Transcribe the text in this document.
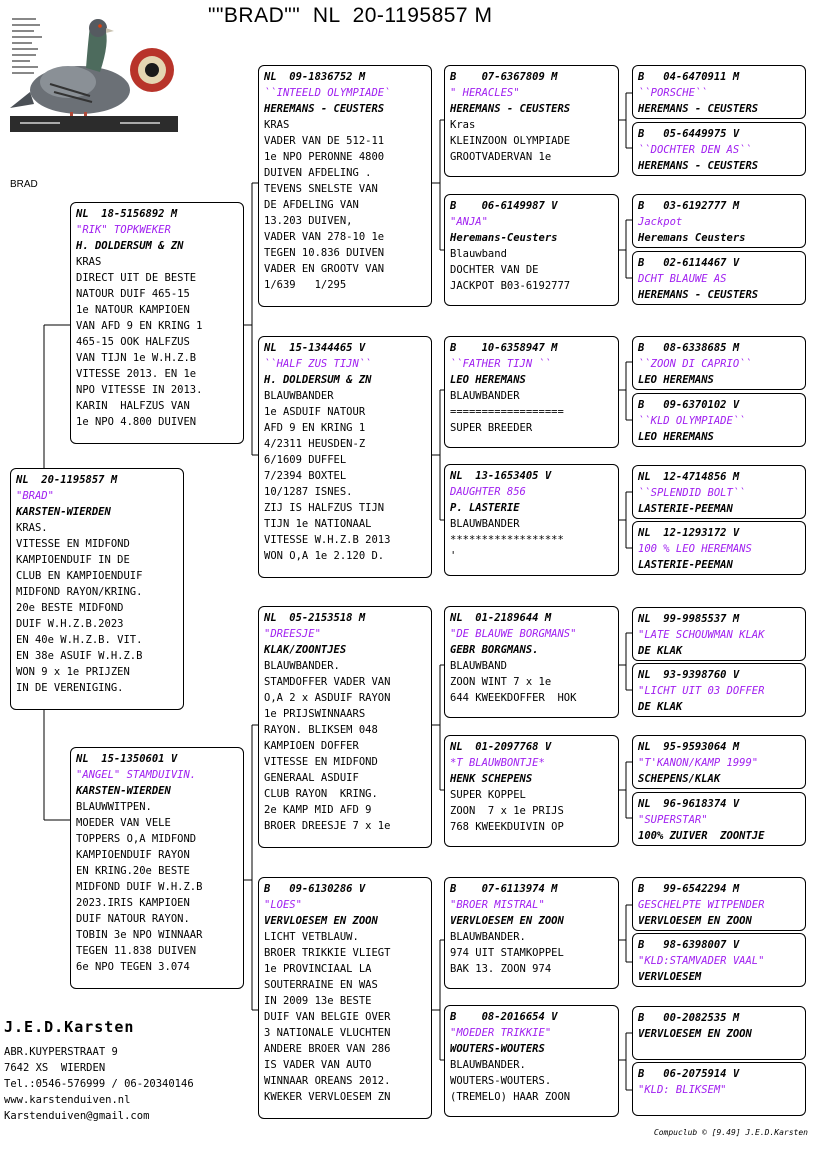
""BRAD""  NL  20-1195857 M
BRAD
NL  20-1195857 M
"BRAD"
KARSTEN-WIERDEN
KRAS.
VITESSE EN MIDFOND
KAMPIOENDUIF IN DE
CLUB EN KAMPIOENDUIF
MIDFOND RAYON/KRING.
20e BESTE MIDFOND
DUIF W.H.Z.B.2023
EN 40e W.H.Z.B. VIT.
EN 38e ASUIF W.H.Z.B
WON 9 x 1e PRIJZEN
IN DE VERENIGING.
NL  18-5156892 M
"RIK" TOPKWEKER
H. DOLDERSUM & ZN
KRAS
DIRECT UIT DE BESTE
NATOUR DUIF 465-15
1e NATOUR KAMPIOEN
VAN AFD 9 EN KRING 1
465-15 OOK HALFZUS
VAN TIJN 1e W.H.Z.B
VITESSE 2013. EN 1e
NPO VITESSE IN 2013.
KARIN  HALFZUS VAN
1e NPO 4.800 DUIVEN
NL  15-1350601 V
"ANGEL" STAMDUIVIN.
KARSTEN-WIERDEN
BLAUWWITPEN.
MOEDER VAN VELE
TOPPERS O,A MIDFOND
KAMPIOENDUIF RAYON
EN KRING.20e BESTE
MIDFOND DUIF W.H.Z.B
2023.IRIS KAMPIOEN
DUIF NATOUR RAYON.
TOBIN 3e NPO WINNAAR
TEGEN 11.838 DUIVEN
6e NPO TEGEN 3.074
NL  09-1836752 M
``INTEELD OLYMPIADE`
HEREMANS - CEUSTERS
KRAS
VADER VAN DE 512-11
1e NPO PERONNE 4800
DUIVEN AFDELING .
TEVENS SNELSTE VAN
DE AFDELING VAN
13.203 DUIVEN,
VADER VAN 278-10 1e
TEGEN 10.836 DUIVEN
VADER EN GROOTV VAN
1/639   1/295
NL  15-1344465 V
``HALF ZUS TIJN``
H. DOLDERSUM & ZN
BLAUWBANDER
1e ASDUIF NATOUR
AFD 9 EN KRING 1
4/2311 HEUSDEN-Z
6/1609 DUFFEL
7/2394 BOXTEL
10/1287 ISNES.
ZIJ IS HALFZUS TIJN
TIJN 1e NATIONAAL
VITESSE W.H.Z.B 2013
WON O,A 1e 2.120 D.
NL  05-2153518 M
"DREESJE"
KLAK/ZOONTJES
BLAUWBANDER.
STAMDOFFER VADER VAN
O,A 2 x ASDUIF RAYON
1e PRIJSWINNAARS
RAYON. BLIKSEM 048
KAMPIOEN DOFFER
VITESSE EN MIDFOND
GENERAAL ASDUIF
CLUB RAYON  KRING.
2e KAMP MID AFD 9
BROER DREESJE 7 x 1e
B   09-6130286 V
"LOES"
VERVLOESEM EN ZOON
LICHT VETBLAUW.
BROER TRIKKIE VLIEGT
1e PROVINCIAAL LA
SOUTERRAINE EN WAS
IN 2009 13e BESTE
DUIF VAN BELGIE OVER
3 NATIONALE VLUCHTEN
ANDERE BROER VAN 286
IS VADER VAN AUTO
WINNAAR OREANS 2012.
KWEKER VERVLOESEM ZN
B    07-6367809 M
" HERACLES"
HEREMANS - CEUSTERS
Kras
KLEINZOON OLYMPIADE
GROOTVADERVAN 1e
B    06-6149987 V
"ANJA"
Heremans-Ceusters
Blauwband
DOCHTER VAN DE
JACKPOT B03-6192777
B    10-6358947 M
``FATHER TIJN ``
LEO HEREMANS
BLAUWBANDER
==================
SUPER BREEDER
NL  13-1653405 V
DAUGHTER 856
P. LASTERIE
BLAUWBANDER
******************
'
NL  01-2189644 M
"DE BLAUWE BORGMANS"
GEBR BORGMANS.
BLAUWBAND
ZOON WINT 7 x 1e
644 KWEEKDOFFER  HOK
NL  01-2097768 V
*T BLAUWBONTJE*
HENK SCHEPENS
SUPER KOPPEL
ZOON  7 x 1e PRIJS
768 KWEEKDUIVIN OP
B    07-6113974 M
"BROER MISTRAL"
VERVLOESEM EN ZOON
BLAUWBANDER.
974 UIT STAMKOPPEL
BAK 13. ZOON 974
B    08-2016654 V
"MOEDER TRIKKIE"
WOUTERS-WOUTERS
BLAUWBANDER.
WOUTERS-WOUTERS.
(TREMELO) HAAR ZOON
B   04-6470911 M
``PORSCHE``
HEREMANS - CEUSTERS
B   05-6449975 V
``DOCHTER DEN AS``
HEREMANS - CEUSTERS
B   03-6192777 M
Jackpot
Heremans Ceusters
B   02-6114467 V
DCHT BLAUWE AS
HEREMANS - CEUSTERS
B   08-6338685 M
``ZOON DI CAPRIO``
LEO HEREMANS
B   09-6370102 V
``KLD OLYMPIADE``
LEO HEREMANS
NL  12-4714856 M
``SPLENDID BOLT``
LASTERIE-PEEMAN
NL  12-1293172 V
100 % LEO HEREMANS
LASTERIE-PEEMAN
NL  99-9985537 M
"LATE SCHOUWMAN KLAK
DE KLAK
NL  93-9398760 V
"LICHT UIT 03 DOFFER
DE KLAK
NL  95-9593064 M
"T'KANON/KAMP 1999"
SCHEPENS/KLAK
NL  96-9618374 V
"SUPERSTAR"
100% ZUIVER  ZOONTJE
B   99-6542294 M
GESCHELPTE WITPENDER
VERVLOESEM EN ZOON
B   98-6398007 V
"KLD:STAMVADER VAAL"
VERVLOESEM
B   00-2082535 M
VERVLOESEM EN ZOON
B   06-2075914 V
"KLD: BLIKSEM"
J.E.D.Karsten
ABR.KUYPERSTRAAT 9
7642 XS  WIERDEN
Tel.:0546-576999 / 06-20340146
www.karstenduiven.nl
Karstenduiven@gmail.com
Compuclub © [9.49] J.E.D.Karsten
